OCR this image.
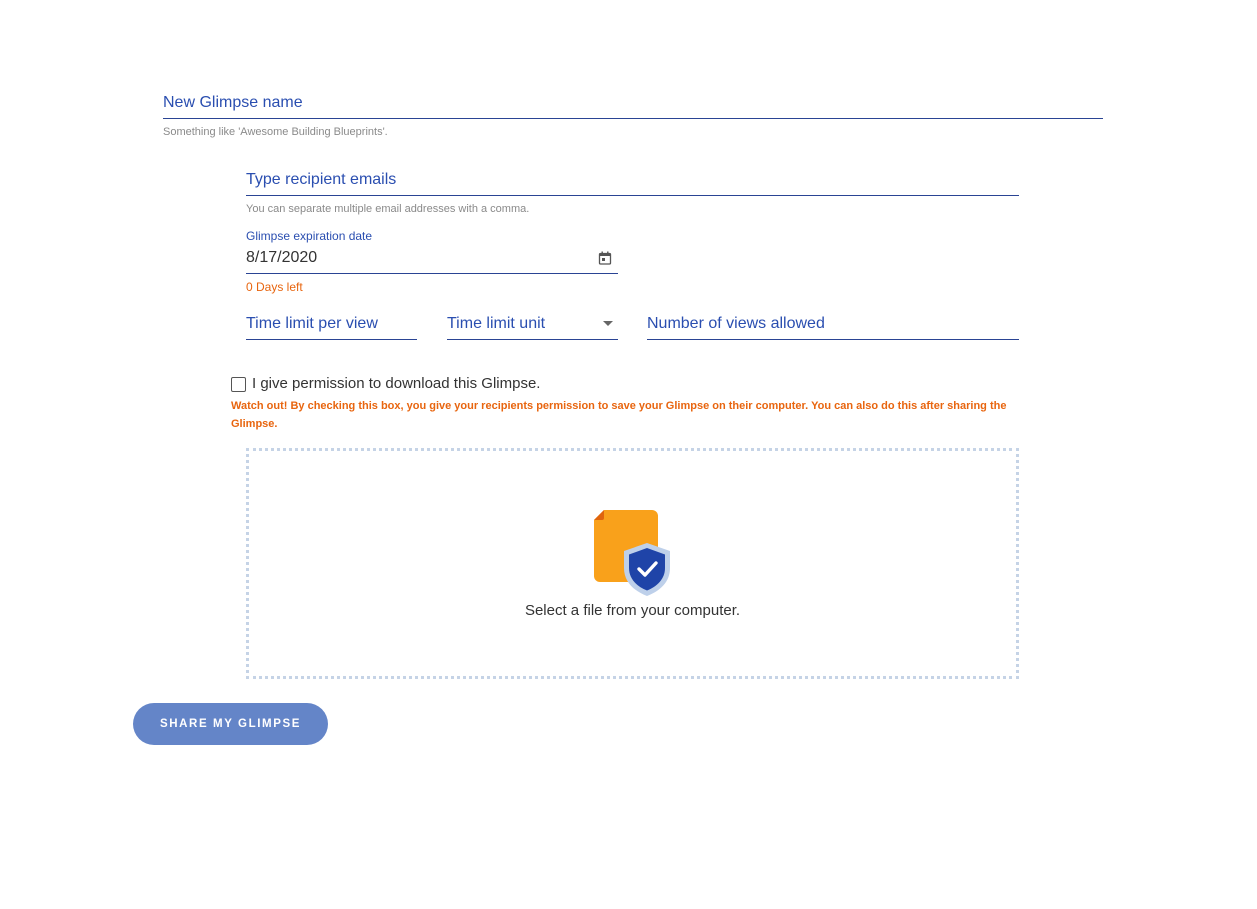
New Glimpse name
Something like 'Awesome Building Blueprints'.
Type recipient emails
You can separate multiple email addresses with a comma.
Glimpse expiration date
8/17/2020
0 Days left
Time limit per view
Time limit unit
Number of views allowed
I give permission to download this Glimpse.
Watch out! By checking this box, you give your recipients permission to save your Glimpse on their computer. You can also do this after sharing the Glimpse.
Select a file from your computer.
SHARE MY GLIMPSE
